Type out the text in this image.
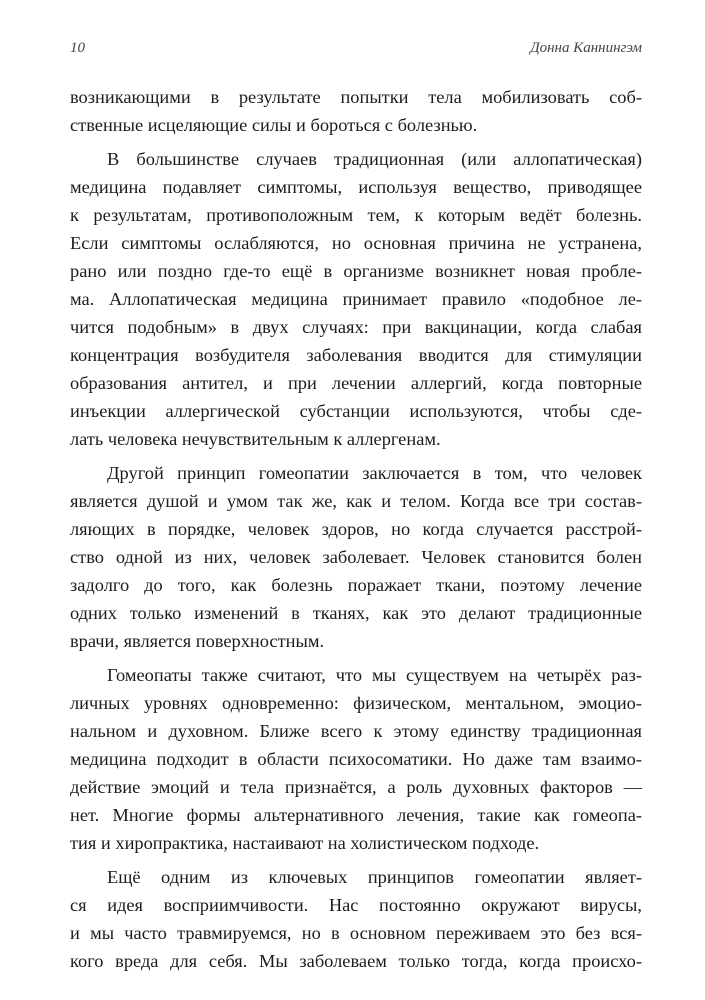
10	Донна Каннингэм
возникающими в результате попытки тела мобилизовать соб-
ственные исцеляющие силы и бороться с болезнью.
В большинстве случаев традиционная (или аллопатическая)
медицина подавляет симптомы, используя вещество, приводящее
к результатам, противоположным тем, к которым ведёт болезнь.
Если симптомы ослабляются, но основная причина не устранена,
рано или поздно где-то ещё в организме возникнет новая пробле-
ма. Аллопатическая медицина принимает правило «подобное ле-
чится подобным» в двух случаях: при вакцинации, когда слабая
концентрация возбудителя заболевания вводится для стимуляции
образования антител, и при лечении аллергий, когда повторные
инъекции аллергической субстанции используются, чтобы сде-
лать человека нечувствительным к аллергенам.
Другой принцип гомеопатии заключается в том, что человек
является душой и умом так же, как и телом. Когда все три состав-
ляющих в порядке, человек здоров, но когда случается расстрой-
ство одной из них, человек заболевает. Человек становится болен
задолго до того, как болезнь поражает ткани, поэтому лечение
одних только изменений в тканях, как это делают традиционные
врачи, является поверхностным.
Гомеопаты также считают, что мы существуем на четырёх раз-
личных уровнях одновременно: физическом, ментальном, эмоцио-
нальном и духовном. Ближе всего к этому единству традиционная
медицина подходит в области психосоматики. Но даже там взаимо-
действие эмоций и тела признаётся, а роль духовных факторов —
нет. Многие формы альтернативного лечения, такие как гомеопа-
тия и хиропрактика, настаивают на холистическом подходе.
Ещё одним из ключевых принципов гомеопатии являет-
ся идея восприимчивости. Нас постоянно окружают вирусы,
и мы часто травмируемся, но в основном переживаем это без вся-
кого вреда для себя. Мы заболеваем только тогда, когда происхо-
